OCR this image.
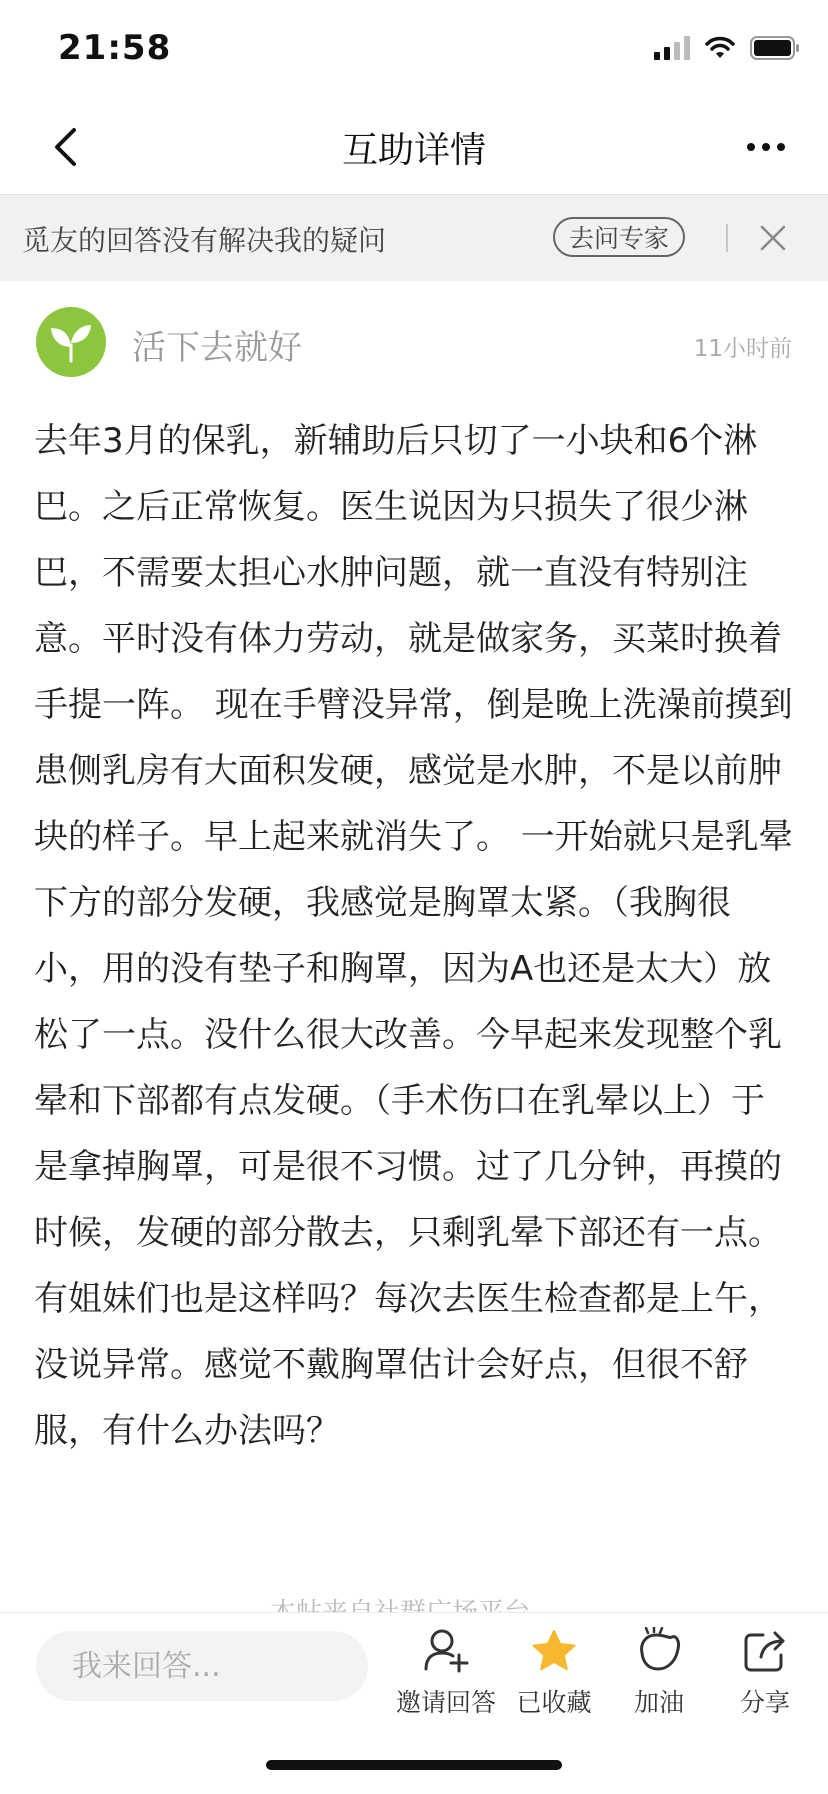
21:58
互助详情
觅友的回答没有解决我的疑问	去问专家
活下去就好	11小时前

去年3月的保乳，新辅助后只切了一小块和6个淋巴。之后正常恢复。医生说因为只损失了很少淋巴，不需要太担心水肿问题，就一直没有特别注意。平时没有体力劳动，就是做家务，买菜时换着手提一阵。 现在手臂没异常，倒是晚上洗澡前摸到患侧乳房有大面积发硬，感觉是水肿，不是以前肿块的样子。早上起来就消失了。 一开始就只是乳晕下方的部分发硬，我感觉是胸罩太紧。（我胸很小，用的没有垫子和胸罩，因为A也还是太大）放松了一点。没什么很大改善。今早起来发现整个乳晕和下部都有点发硬。（手术伤口在乳晕以上）于是拿掉胸罩，可是很不习惯。过了几分钟，再摸的时候，发硬的部分散去，只剩乳晕下部还有一点。 有姐妹们也是这样吗？每次去医生检查都是上午，没说异常。感觉不戴胸罩估计会好点，但很不舒服，有什么办法吗？

我来回答...
邀请回答 已收藏	加油	分享
